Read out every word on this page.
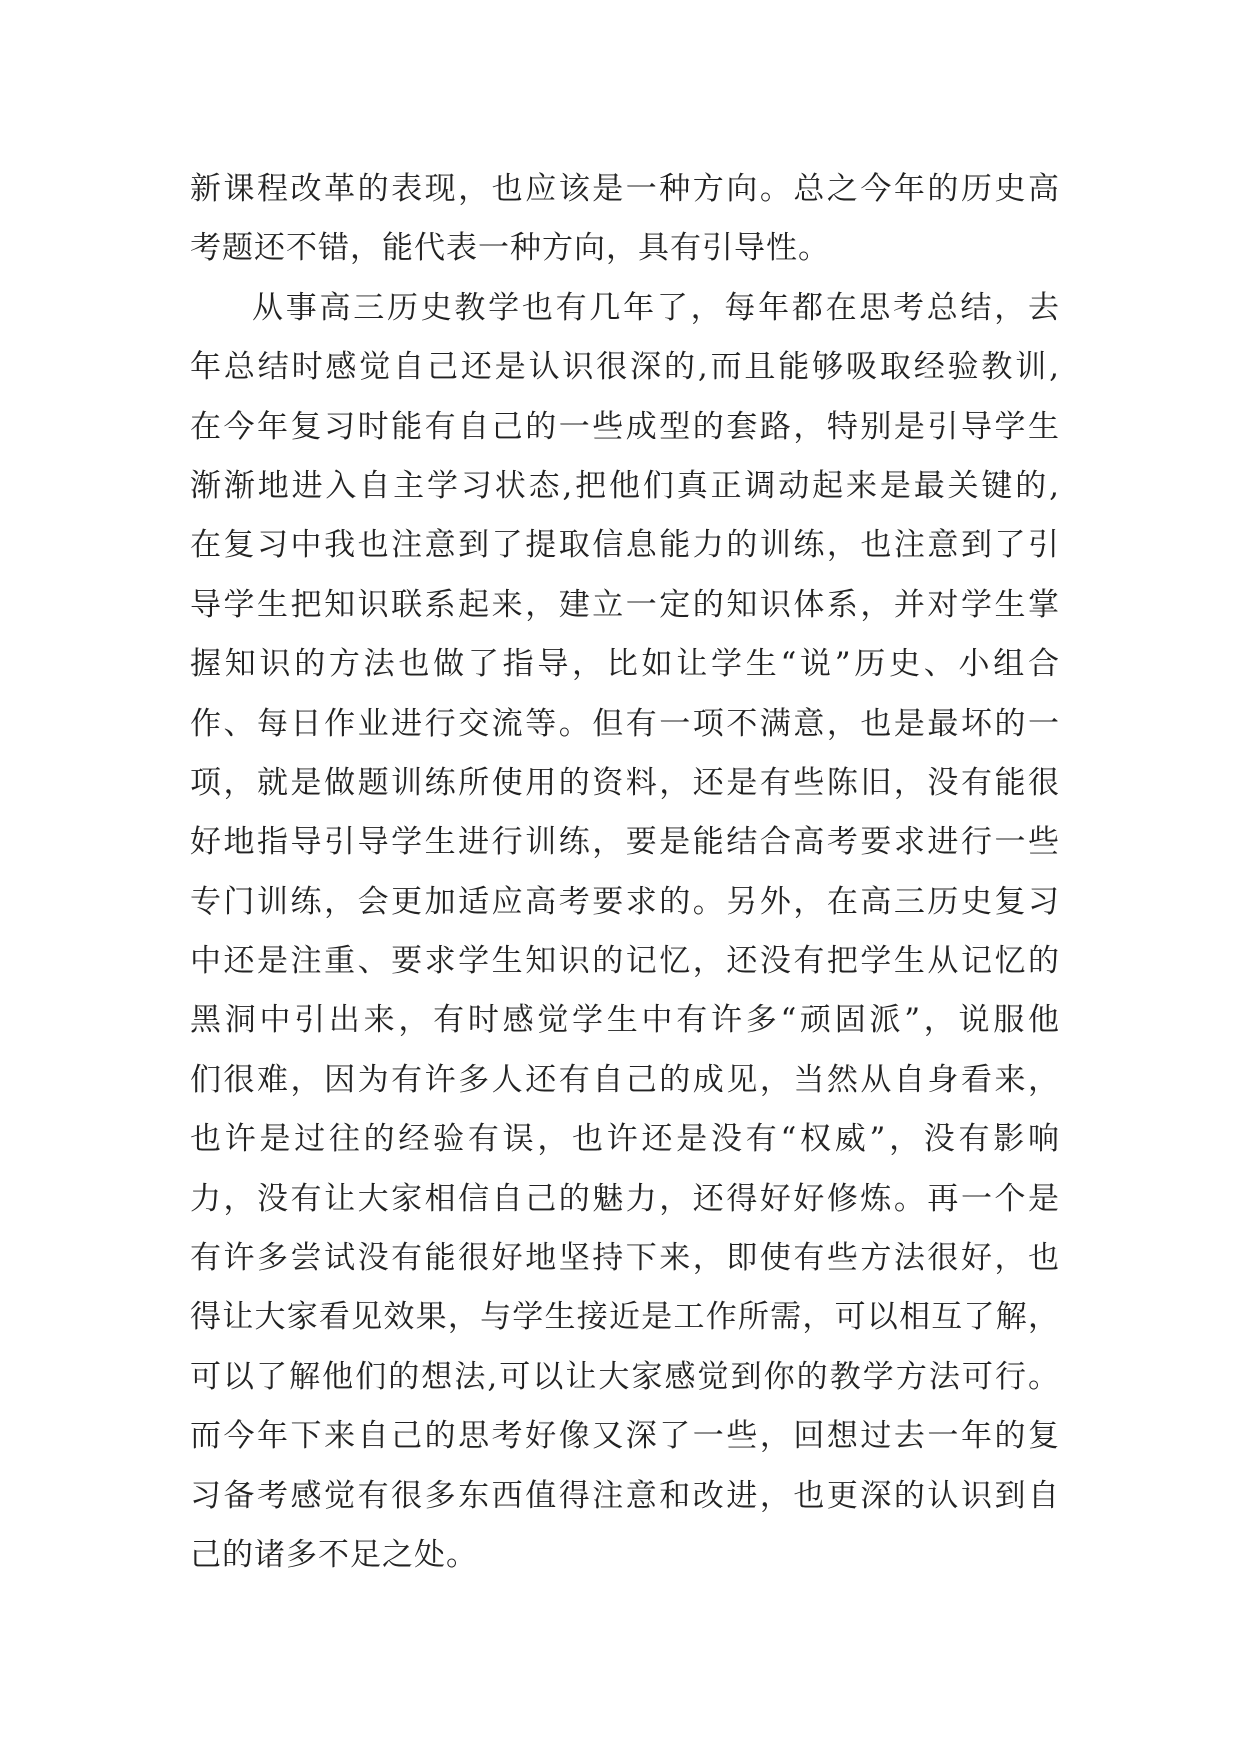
新课程改革的表现，也应该是一种方向。总之今年的历史高
考题还不错，能代表一种方向，具有引导性。
从事高三历史教学也有几年了，每年都在思考总结，去
年总结时感觉自己还是认识很深的,而且能够吸取经验教训,
在今年复习时能有自己的一些成型的套路，特别是引导学生
渐渐地进入自主学习状态,把他们真正调动起来是最关键的,
在复习中我也注意到了提取信息能力的训练，也注意到了引
导学生把知识联系起来，建立一定的知识体系，并对学生掌
握知识的方法也做了指导，比如让学生“说”历史、小组合
作、每日作业进行交流等。但有一项不满意，也是最坏的一
项，就是做题训练所使用的资料，还是有些陈旧，没有能很
好地指导引导学生进行训练，要是能结合高考要求进行一些
专门训练，会更加适应高考要求的。另外，在高三历史复习
中还是注重、要求学生知识的记忆，还没有把学生从记忆的
黑洞中引出来，有时感觉学生中有许多“顽固派”，说服他
们很难，因为有许多人还有自己的成见，当然从自身看来，
也许是过往的经验有误，也许还是没有“权威”，没有影响
力，没有让大家相信自己的魅力，还得好好修炼。再一个是
有许多尝试没有能很好地坚持下来，即使有些方法很好，也
得让大家看见效果，与学生接近是工作所需，可以相互了解，
可以了解他们的想法,可以让大家感觉到你的教学方法可行。
而今年下来自己的思考好像又深了一些，回想过去一年的复
习备考感觉有很多东西值得注意和改进，也更深的认识到自
己的诸多不足之处。
